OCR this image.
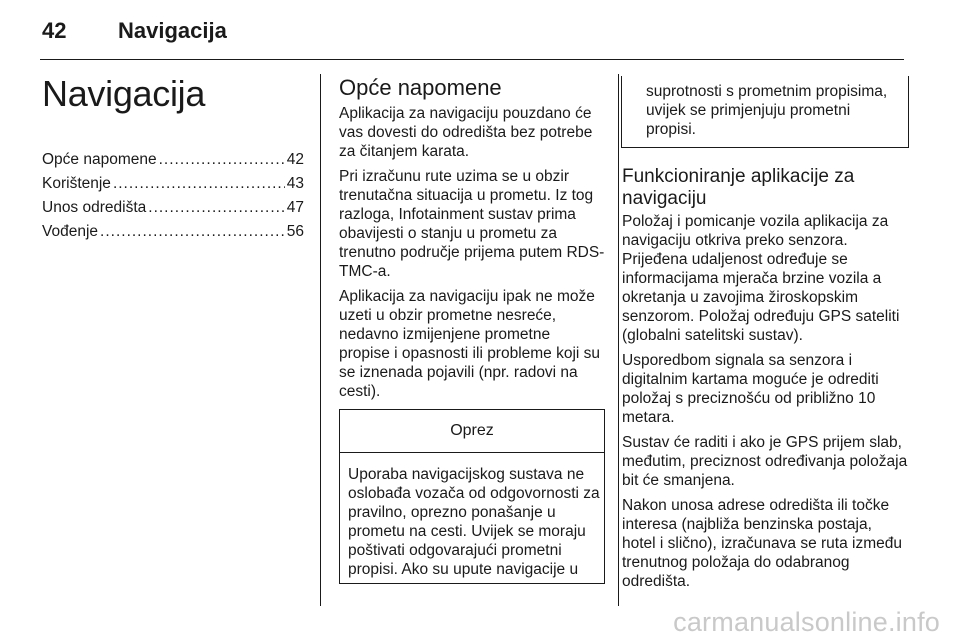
42 Navigacija
Navigacija
Opće napomene .....	42
Korištenje .....	43
Unos odredišta .....	47
Vođenje .....	56
Opće napomene

Aplikacija za navigaciju pouzdano će vas dovesti do odredišta bez potrebe za čitanjem karata.

Pri izračunu rute uzima se u obzir trenutačna situacija u prometu. Iz tog razloga, Infotainment sustav prima obavijesti o stanju u prometu za trenutno područje prijema putem RDS-TMC-a.

Aplikacija za navigaciju ipak ne može uzeti u obzir prometne nesreće, nedavno izmijenjene prometne propise i opasnosti ili probleme koji su se iznenada pojavili (npr. radovi na cesti).

Oprez
Uporaba navigacijskog sustava ne oslobađa vozača od odgovornosti za pravilno, oprezno ponašanje u prometu na cesti. Uvijek se moraju poštivati odgovarajući prometni propisi. Ako su upute navigacije u
suprotnosti s prometnim propisima, uvijek se primjenjuju prometni propisi.
Funkcioniranje aplikacije za navigaciju

Položaj i pomicanje vozila aplikacija za navigaciju otkriva preko senzora. Prijeđena udaljenost određuje se informacijama mjerača brzine vozila a okretanja u zavojima žiroskopskim senzorom. Položaj određuju GPS sateliti (globalni satelitski sustav).

Usporedbom signala sa senzora i digitalnim kartama moguće je odrediti položaj s preciznošću od približno 10 metara.

Sustav će raditi i ako je GPS prijem slab, međutim, preciznost određivanja položaja bit će smanjena.

Nakon unosa adrese odredišta ili točke interesa (najbliža benzinska postaja, hotel i slično), izračunava se ruta između trenutnog položaja do odabranog odredišta.

carmanualsonline.info
